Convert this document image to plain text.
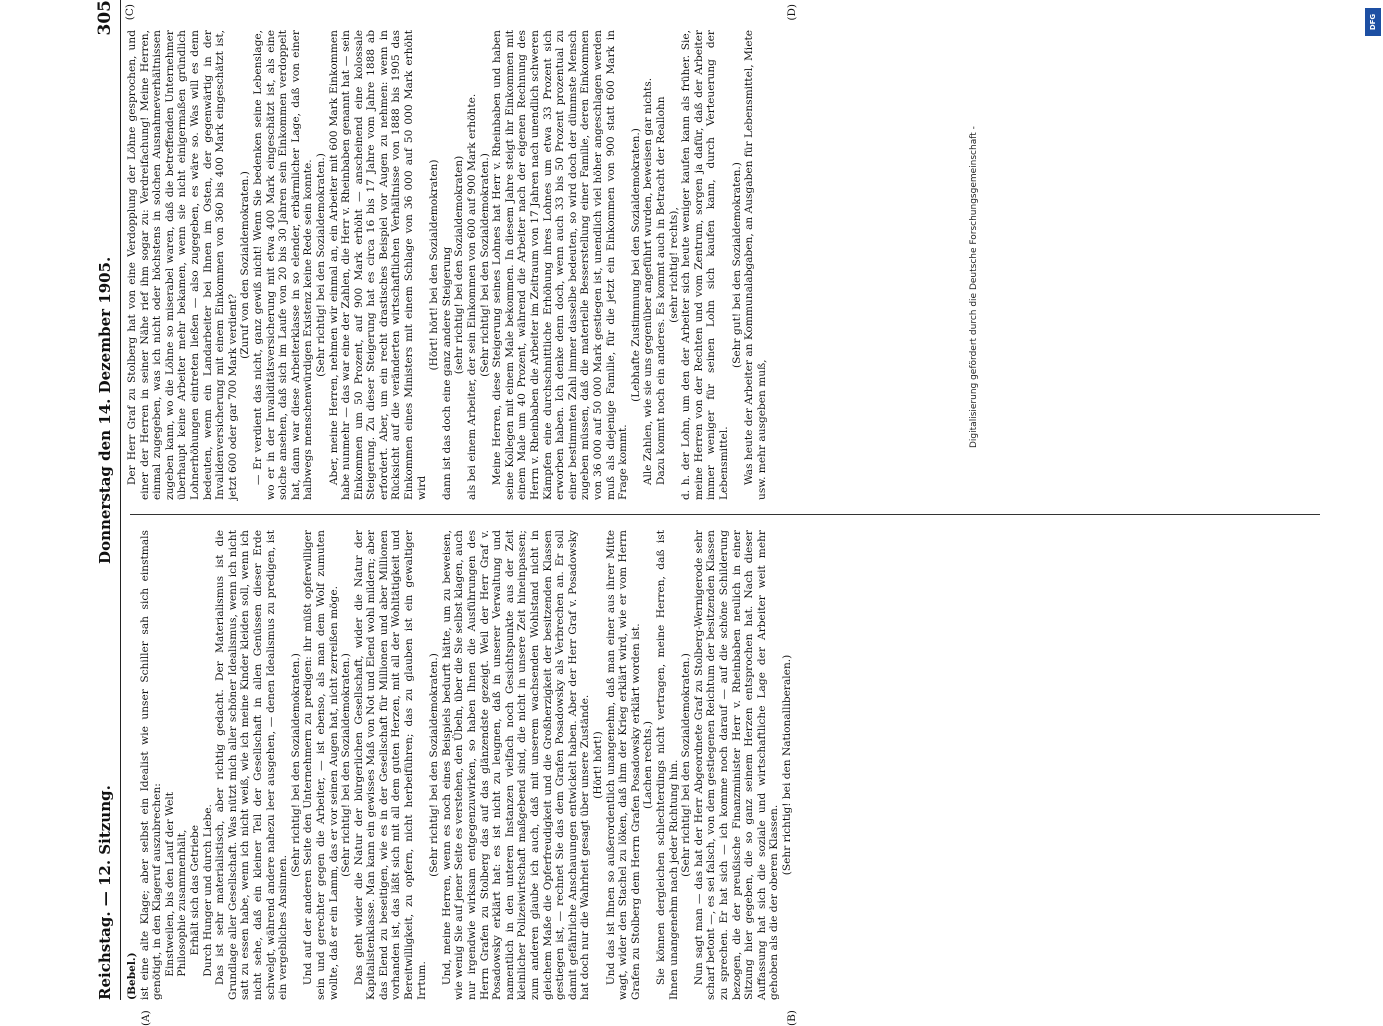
Reichstag. — 12. Sitzung.
Donnerstag den 14. Dezember 1905.
305
(Bebel.)
(A)	(B)

ist eine alte Klage; aber selbst ein Idealist wie unser Schiller sah sich einstmals genötigt, in den Klageruf auszubrechen: Einstweilen, bis den Lauf der Welt Philosophie zusammenhält, Erhält sich das Getriebe Durch Hunger und durch Liebe. Das ist sehr materialistisch, aber richtig gedacht. Der Materialismus ist die Grundlage aller Gesellschaft. Was nützt mich aller schöner Idealismus, wenn ich nicht satt zu essen habe, wenn ich nicht weiß, wie ich meine Kinder kleiden soll, wenn ich nicht sehe, daß ein kleiner Teil der Gesellschaft in allen Genüssen dieser Erde schwelgt, während andere nahezu leer ausgehen, — denen Idealismus zu predigen, ist ein vergebliches Ansinnen.

(Sehr richtig! bei den Sozialdemokraten.) Und auf der anderen Seite den Unternehmern zu predigen: ihr müßt opferwilliger sein und gerechter gegen die Arbeiter, — ist ebenso, als man dem Wolf zumuten wollte, daß er ein Lamm, das er vor seinen Augen hat, nicht zerreißen möge. (Sehr richtig! bei den Sozialdemokraten.) Das geht wider die Natur der bürgerlichen Gesellschaft, wider die Natur der Kapitalistenklasse. Man kann ein gewisses Maß von Not und Elend wohl mildern; aber das Elend zu beseitigen, wie es in der Gesellschaft für Millionen und aber Millionen vorhanden ist, das läßt sich mit all dem guten Herzen, mit all der Wohltätigkeit und Bereitwilligkeit, zu opfern, nicht herbeiführen; das zu glauben ist ein gewaltiger Irrtum.

(Sehr richtig! bei den Sozialdemokraten.) Und, meine Herren, wenn es noch eines Beispiels bedurft hätte, um zu beweisen, wie wenig Sie auf jener Seite es verstehen, den Übeln, über die Sie selbst klagen, auch nur irgendwie wirksam entgegenzuwirken, so haben Ihnen die Ausführungen des Herrn Grafen zu Stolberg das auf das glänzendste gezeigt. Weil der Herr Graf v. Posadowsky erklärt hat: es ist nicht zu leugnen, daß in unserer Verwaltung und namentlich in den unteren Instanzen vielfach noch Gesichtspunkte aus der Zeit kleinlicher Polizeiwirtschaft maßgebend sind, die nicht in unsere Zeit hineinpassen; zum anderen glaube ich auch, daß mit unserem wachsenden Wohlstand nicht in gleichem Maße die Opferfreudigkeit und die Großherzigkeit der besitzenden Klassen gestiegen ist, — rechnet Sie das dem Grafen Posadowsky als Verbrechen an. Er soll damit gefährliche Anschauungen entwickelt haben. Aber der Herr Graf v. Posadowsky hat doch nur die Wahrheit gesagt über unsere Zustände. (Hört! hört!) Und das ist Ihnen so außerordentlich unangenehm, daß man einer aus ihrer Mitte wagt, wider den Stachel zu löken, daß ihm der Krieg erklärt wird, wie er vom Herrn Grafen zu Stolberg dem Herrn Grafen Posadowsky erklärt worden ist. (Lachen rechts.) Sie können dergleichen schlechterdings nicht vertragen, meine Herren, daß ist Ihnen unangenehm nach jeder Richtung hin. (Sehr richtig! bei den Sozialdemokraten.) Nun sagt man — das hat der Herr Abgeordnete Graf zu Stolberg-Wernigerode sehr scharf betont —, es sei falsch, von dem gestiegenen Reichtum der besitzenden Klassen zu sprechen. Er hat sich — ich komme noch darauf — auf die schöne Schilderung bezogen, die der preußische Finanzminister Herr v. Rheinbaben neulich in einer Sitzung hier gegeben, die so ganz seinem Herzen entsprochen hat. Nach dieser Auffassung hat sich die soziale und wirtschaftliche Lage der Arbeiter weit mehr gehoben als die der oberen Klassen.

(Sehr richtig! bei den Nationalliberalen.)
(C)	(D)

Der Herr Graf zu Stolberg hat von eine Verdopplung der Löhne gesprochen, und einer der Herren in seiner Nähe rief ihm sogar zu: Verdreifachung! Meine Herren, einmal zugegeben, was ich nicht oder höchstens in solchen Ausnahmeverhältnissen zugeben kann, wo die Löhne so miserabel waren, daß die betreffenden Unternehmer überhaupt keine Arbeiter mehr bekamen, wenn sie nicht einigermaßen gründlich Lohnerhöhungen eintreten ließen — also zugegeben, es wäre so. Was will es denn bedeuten, wenn ein Landarbeiter bei Ihnen im Osten, der gegenwärtig in der Invalidenversicherung mit einem Einkommen von 360 bis 400 Mark eingeschätzt ist, jetzt 600 oder gar 700 Mark verdient?

(Zuruf von den Sozialdemokraten.) — Er verdient das nicht, ganz gewiß nicht! Wenn Sie bedenken seine Lebenslage, wo er in der Invaliditätsversicherung mit etwa 400 Mark eingeschätzt ist, als eine solche ansehen, daß sich im Laufe von 20 bis 30 Jahren sein Einkommen verdoppelt hat, dann war diese Arbeiterklasse in so elender, erbärmlicher Lage, daß von einer halbwegs menschenwürdigen Existenz keine Rede sein konnte. (Sehr richtig! bei den Sozialdemokraten.) Aber, meine Herren, nehmen wir einmal an, ein Arbeiter mit 600 Mark Einkommen habe nunmehr — das war eine der Zahlen, die Herr v. Rheinbaben genannt hat — sein Einkommen um 50 Prozent, auf 900 Mark erhöht — anscheinend eine kolossale Steigerung. Zu dieser Steigerung hat es circa 16 bis 17 Jahre vom Jahre 1888 ab erfordert. Aber, um ein recht drastisches Beispiel vor Augen zu nehmen: wenn in Rücksicht auf die veränderten wirtschaftlichen Verhältnisse von 1888 bis 1905 das Einkommen eines Ministers mit einem Schlage von 36 000 auf 50 000 Mark erhöht wird

(Hört! hört! bei den Sozialdemokraten) dann ist das doch eine ganz andere Steigerung (sehr richtig! bei den Sozialdemokraten) als bei einem Arbeiter, der sein Einkommen von 600 auf 900 Mark erhöhte. (Sehr richtig! bei den Sozialdemokraten.) Meine Herren, diese Steigerung seines Lohnes hat Herr v. Rheinbaben und haben seine Kollegen mit einem Male bekommen. In diesem Jahre steigt ihr Einkommen mit einem Male um 40 Prozent, während die Arbeiter nach der eigenen Rechnung des Herrn v. Rheinbaben die Arbeiter im Zeitraum von 17 Jahren nach unendlich schweren Kämpfen eine durchschnittliche Erhöhung ihres Lohnes um etwa 33 Prozent sich erworben haben. Ich denke denn doch, wenn auch 33 bis 50 Prozent prozentual zu einer bestimmten Zahl immer dasselbe bedeuten, so wird doch der dümmste Mensch zugeben müssen, daß die materielle Besserstellung einer Familie, deren Einkommen von 36 000 auf 50 000 Mark gestiegen ist, unendlich viel höher angeschlagen werden muß als diejenige Familie, für die jetzt ein Einkommen von 900 statt 600 Mark in Frage kommt.

(Lebhafte Zustimmung bei den Sozialdemokraten.) Alle Zahlen, wie sie uns gegenüber angeführt wurden, beweisen gar nichts. Dazu kommt noch ein anderes. Es kommt auch in Betracht der Reallohn (sehr richtig! rechts), d. h. der Lohn, um den der Arbeiter sich heute weniger kaufen kann als früher. Sie, meine Herren von der Rechten und vom Zentrum, sorgen ja dafür, daß der Arbeiter immer weniger für seinen Lohn sich kaufen kann, durch Verteuerung der Lebensmittel.

(Sehr gut! bei den Sozialdemokraten.) Was heute der Arbeiter an Kommunalabgaben, an Ausgaben für Lebensmittel, Miete usw. mehr ausgeben muß,	Digitalisierung gefördert durch die Deutsche Forschungsgemeinschaft -
DFG
